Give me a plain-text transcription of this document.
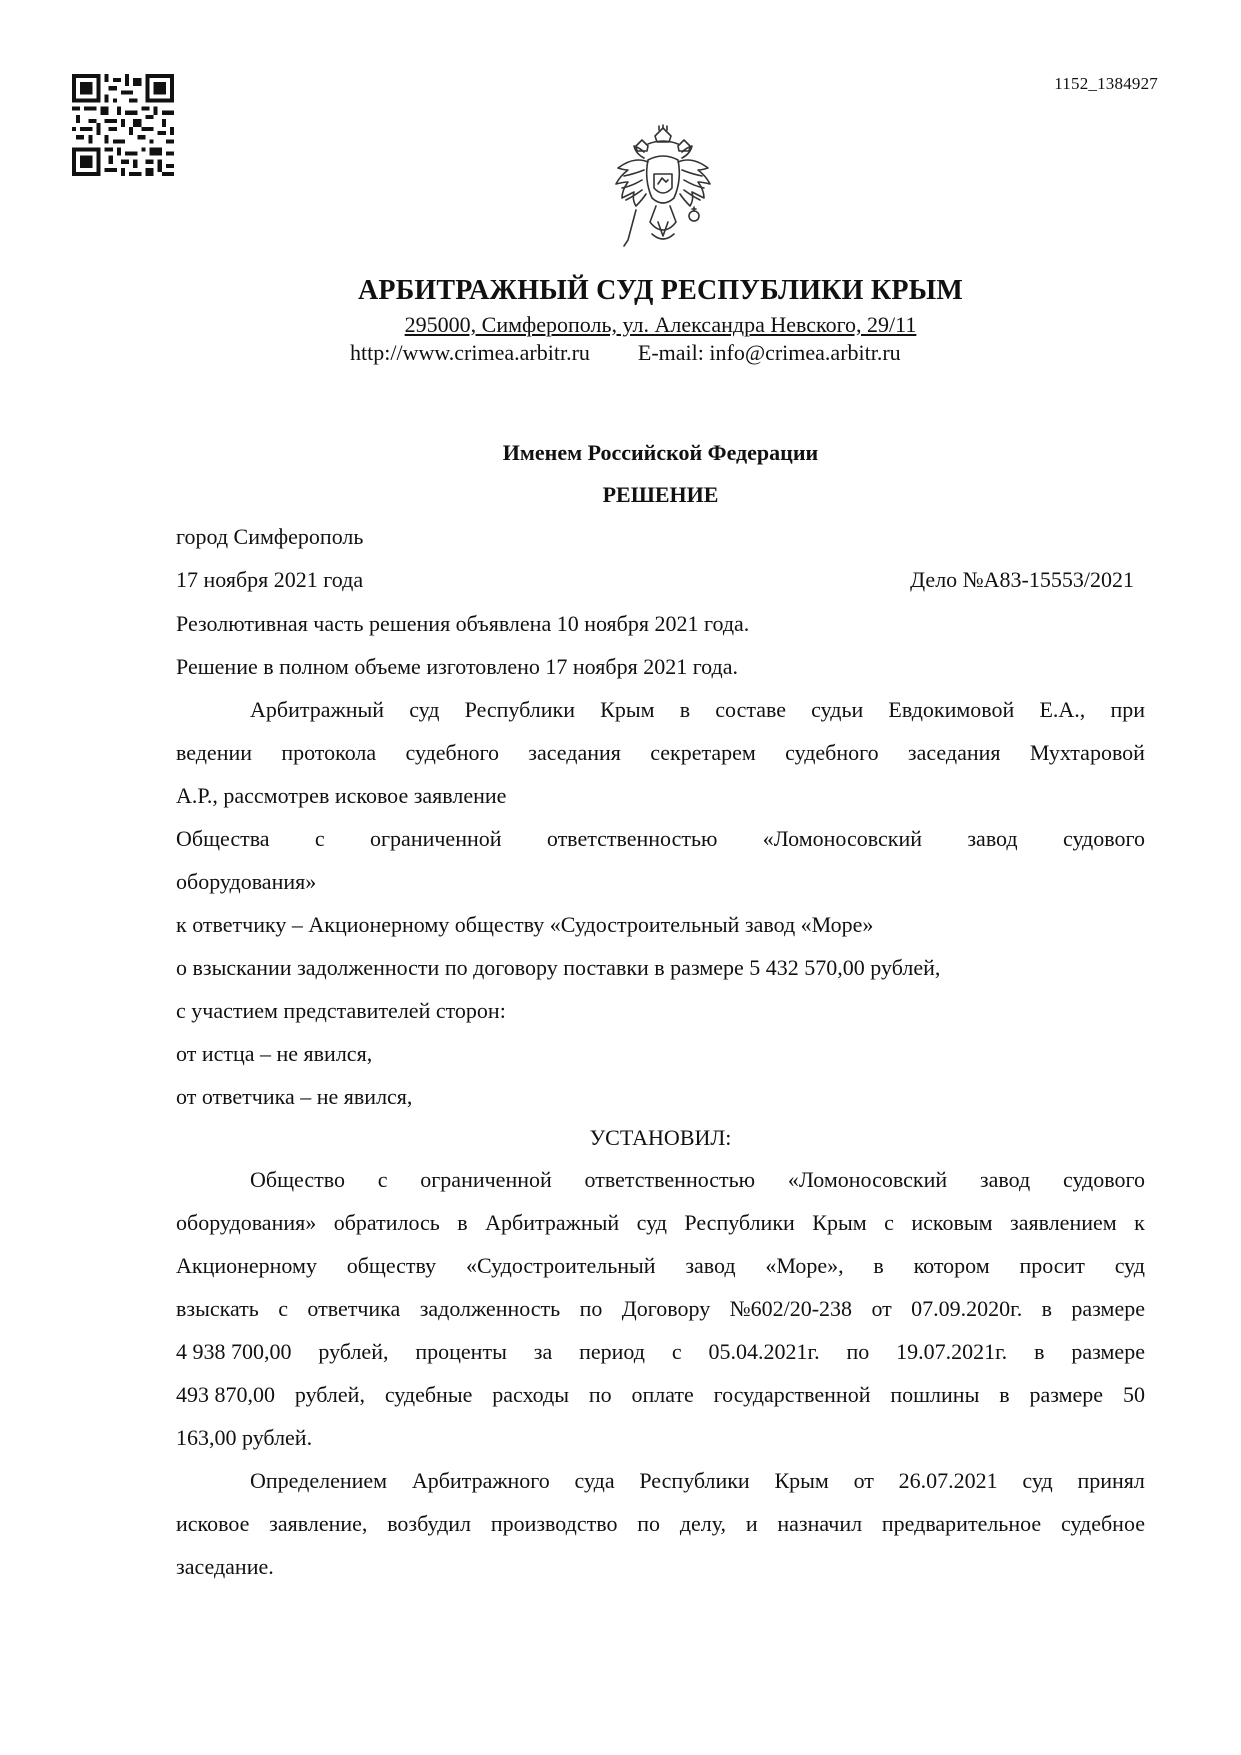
1152_1384927
АРБИТРАЖНЫЙ СУД РЕСПУБЛИКИ КРЫМ
295000, Симферополь, ул. Александра Невского, 29/11
http://www.crimea.arbitr.ru E-mail: info@crimea.arbitr.ru
Именем Российской Федерации
РЕШЕНИЕ
город Симферополь
17 ноября 2021 года	Дело №А83-15553/2021
Резолютивная часть решения объявлена 10 ноября 2021 года.
Решение в полном объеме изготовлено 17 ноября 2021 года.
Арбитражный суд Республики Крым в составе судьи Евдокимовой Е.А., при
ведении протокола судебного заседания секретарем судебного заседания Мухтаровой
А.Р., рассмотрев исковое заявление
Общества с ограниченной ответственностью «Ломоносовский завод судового
оборудования»
к ответчику – Акционерному обществу «Судостроительный завод «Море»
о взыскании задолженности по договору поставки в размере 5 432 570,00 рублей,
с участием представителей сторон:
от истца – не явился,
от ответчика – не явился,
УСТАНОВИЛ:
Общество с ограниченной ответственностью «Ломоносовский завод судового
оборудования» обратилось в Арбитражный суд Республики Крым с исковым заявлением к
Акционерному обществу «Судостроительный завод «Море», в котором просит суд
взыскать с ответчика задолженность по Договору №602/20-238 от 07.09.2020г. в размере
4 938 700,00 рублей, проценты за период с 05.04.2021г. по 19.07.2021г. в размере
493 870,00 рублей, судебные расходы по оплате государственной пошлины в размере 50
163,00 рублей.
Определением Арбитражного суда Республики Крым от 26.07.2021 суд принял
исковое заявление, возбудил производство по делу, и назначил предварительное судебное
заседание.
